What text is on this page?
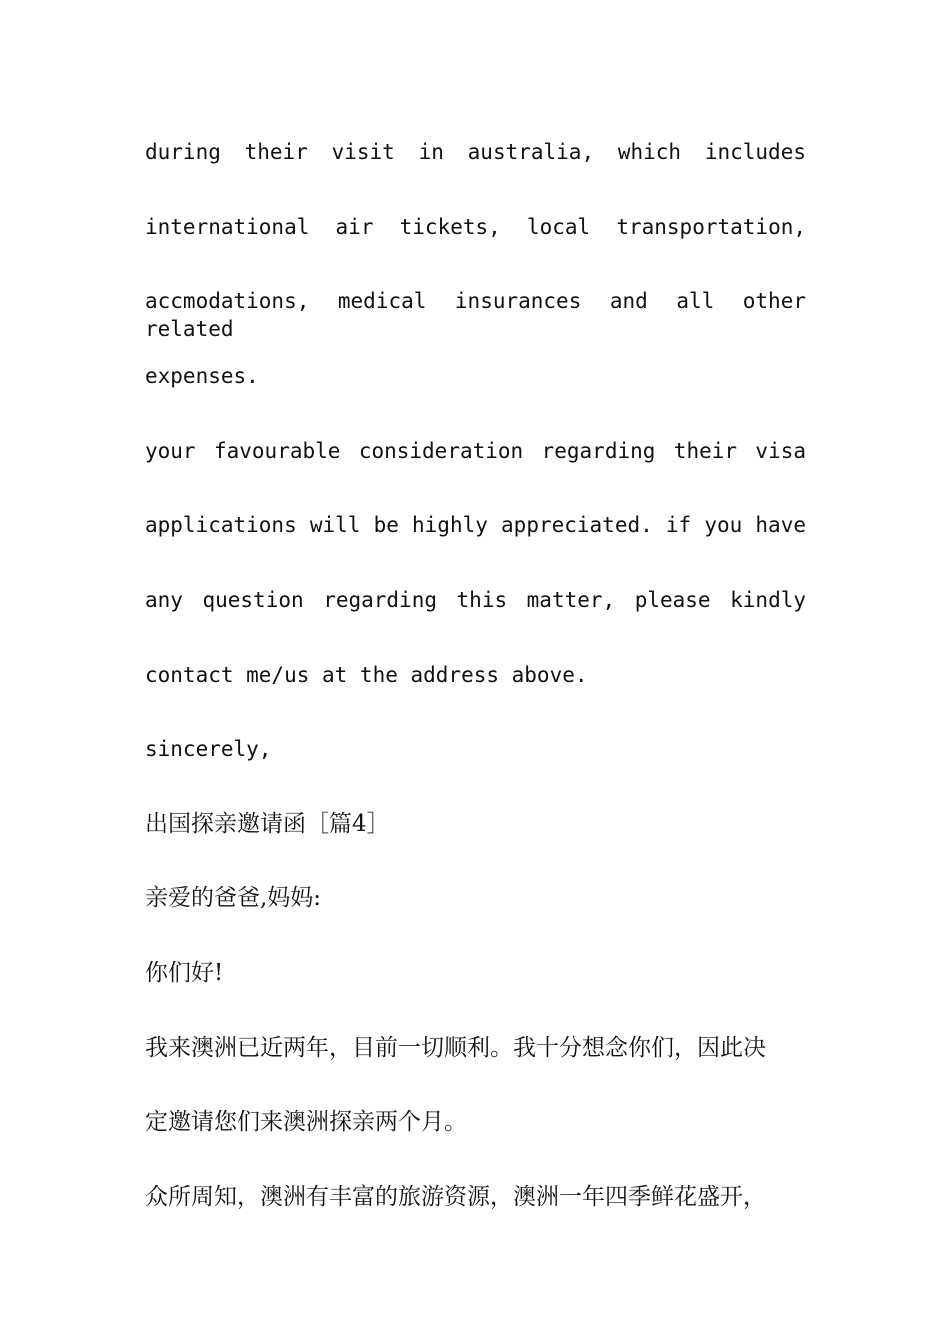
during their visit in australia, which includes
international air tickets, local transportation,
accmodations, medical insurances and all other related
expenses.
your favourable consideration regarding their visa
applications will be highly appreciated. if you have
any question regarding this matter, please kindly
contact me/us at the address above.
sincerely,
出国探亲邀请函［篇4］
亲爱的爸爸,妈妈:
你们好!
我来澳洲已近两年，目前一切顺利。我十分想念你们，因此决
定邀请您们来澳洲探亲两个月。
众所周知，澳洲有丰富的旅游资源，澳洲一年四季鲜花盛开，
